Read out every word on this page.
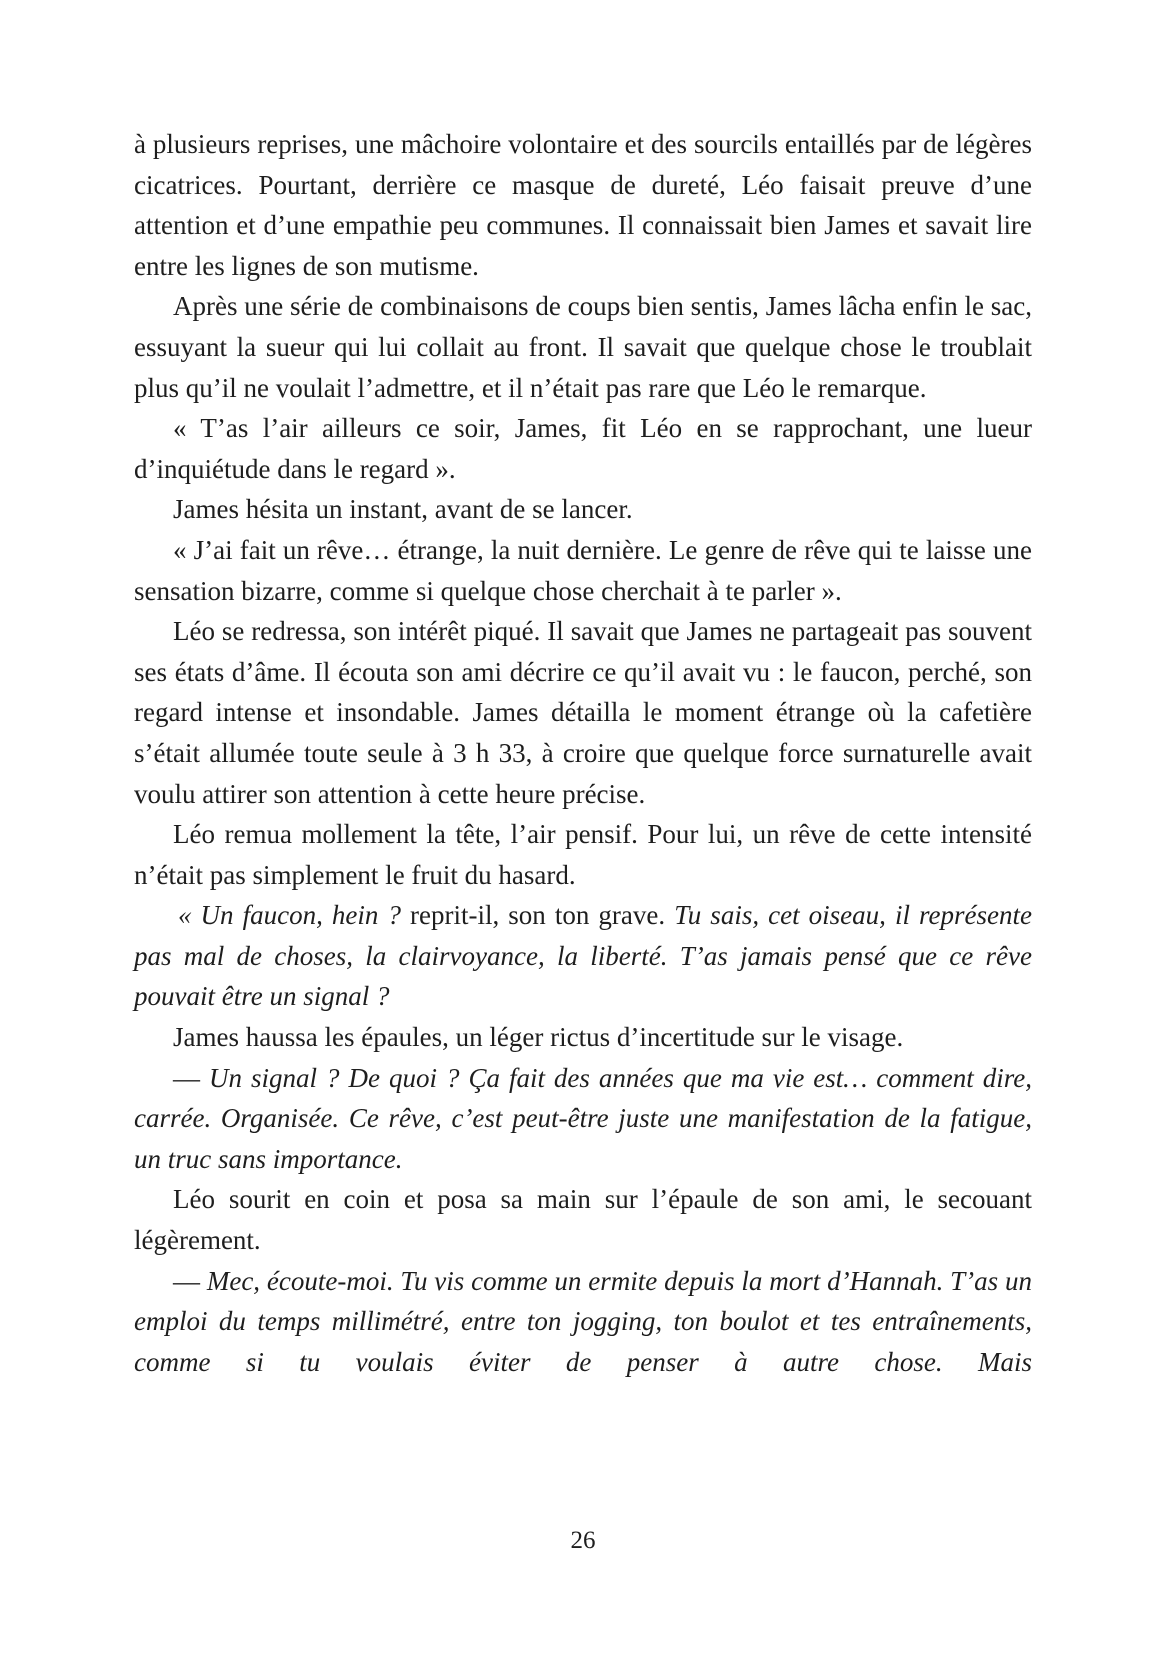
à plusieurs reprises, une mâchoire volontaire et des sourcils entaillés par de légères cicatrices. Pourtant, derrière ce masque de dureté, Léo faisait preuve d’une attention et d’une empathie peu communes. Il connaissait bien James et savait lire entre les lignes de son mutisme.

Après une série de combinaisons de coups bien sentis, James lâcha enfin le sac, essuyant la sueur qui lui collait au front. Il savait que quelque chose le troublait plus qu’il ne voulait l’admettre, et il n’était pas rare que Léo le remarque.

« T’as l’air ailleurs ce soir, James, fit Léo en se rapprochant, une lueur d’inquiétude dans le regard ».

James hésita un instant, avant de se lancer.

« J’ai fait un rêve… étrange, la nuit dernière. Le genre de rêve qui te laisse une sensation bizarre, comme si quelque chose cherchait à te parler ».

Léo se redressa, son intérêt piqué. Il savait que James ne partageait pas souvent ses états d’âme. Il écouta son ami décrire ce qu’il avait vu : le faucon, perché, son regard intense et insondable. James détailla le moment étrange où la cafetière s’était allumée toute seule à 3 h 33, à croire que quelque force surnaturelle avait voulu attirer son attention à cette heure précise.

Léo remua mollement la tête, l’air pensif. Pour lui, un rêve de cette intensité n’était pas simplement le fruit du hasard.

« Un faucon, hein ? reprit-il, son ton grave. Tu sais, cet oiseau, il représente pas mal de choses, la clairvoyance, la liberté. T’as jamais pensé que ce rêve pouvait être un signal ?

James haussa les épaules, un léger rictus d’incertitude sur le visage.

— Un signal ? De quoi ? Ça fait des années que ma vie est… comment dire, carrée. Organisée. Ce rêve, c’est peut-être juste une manifestation de la fatigue, un truc sans importance.

Léo sourit en coin et posa sa main sur l’épaule de son ami, le secouant légèrement.

— Mec, écoute-moi. Tu vis comme un ermite depuis la mort d’Hannah. T’as un emploi du temps millimétré, entre ton jogging, ton boulot et tes entraînements, comme si tu voulais éviter de penser à autre chose. Mais

26
